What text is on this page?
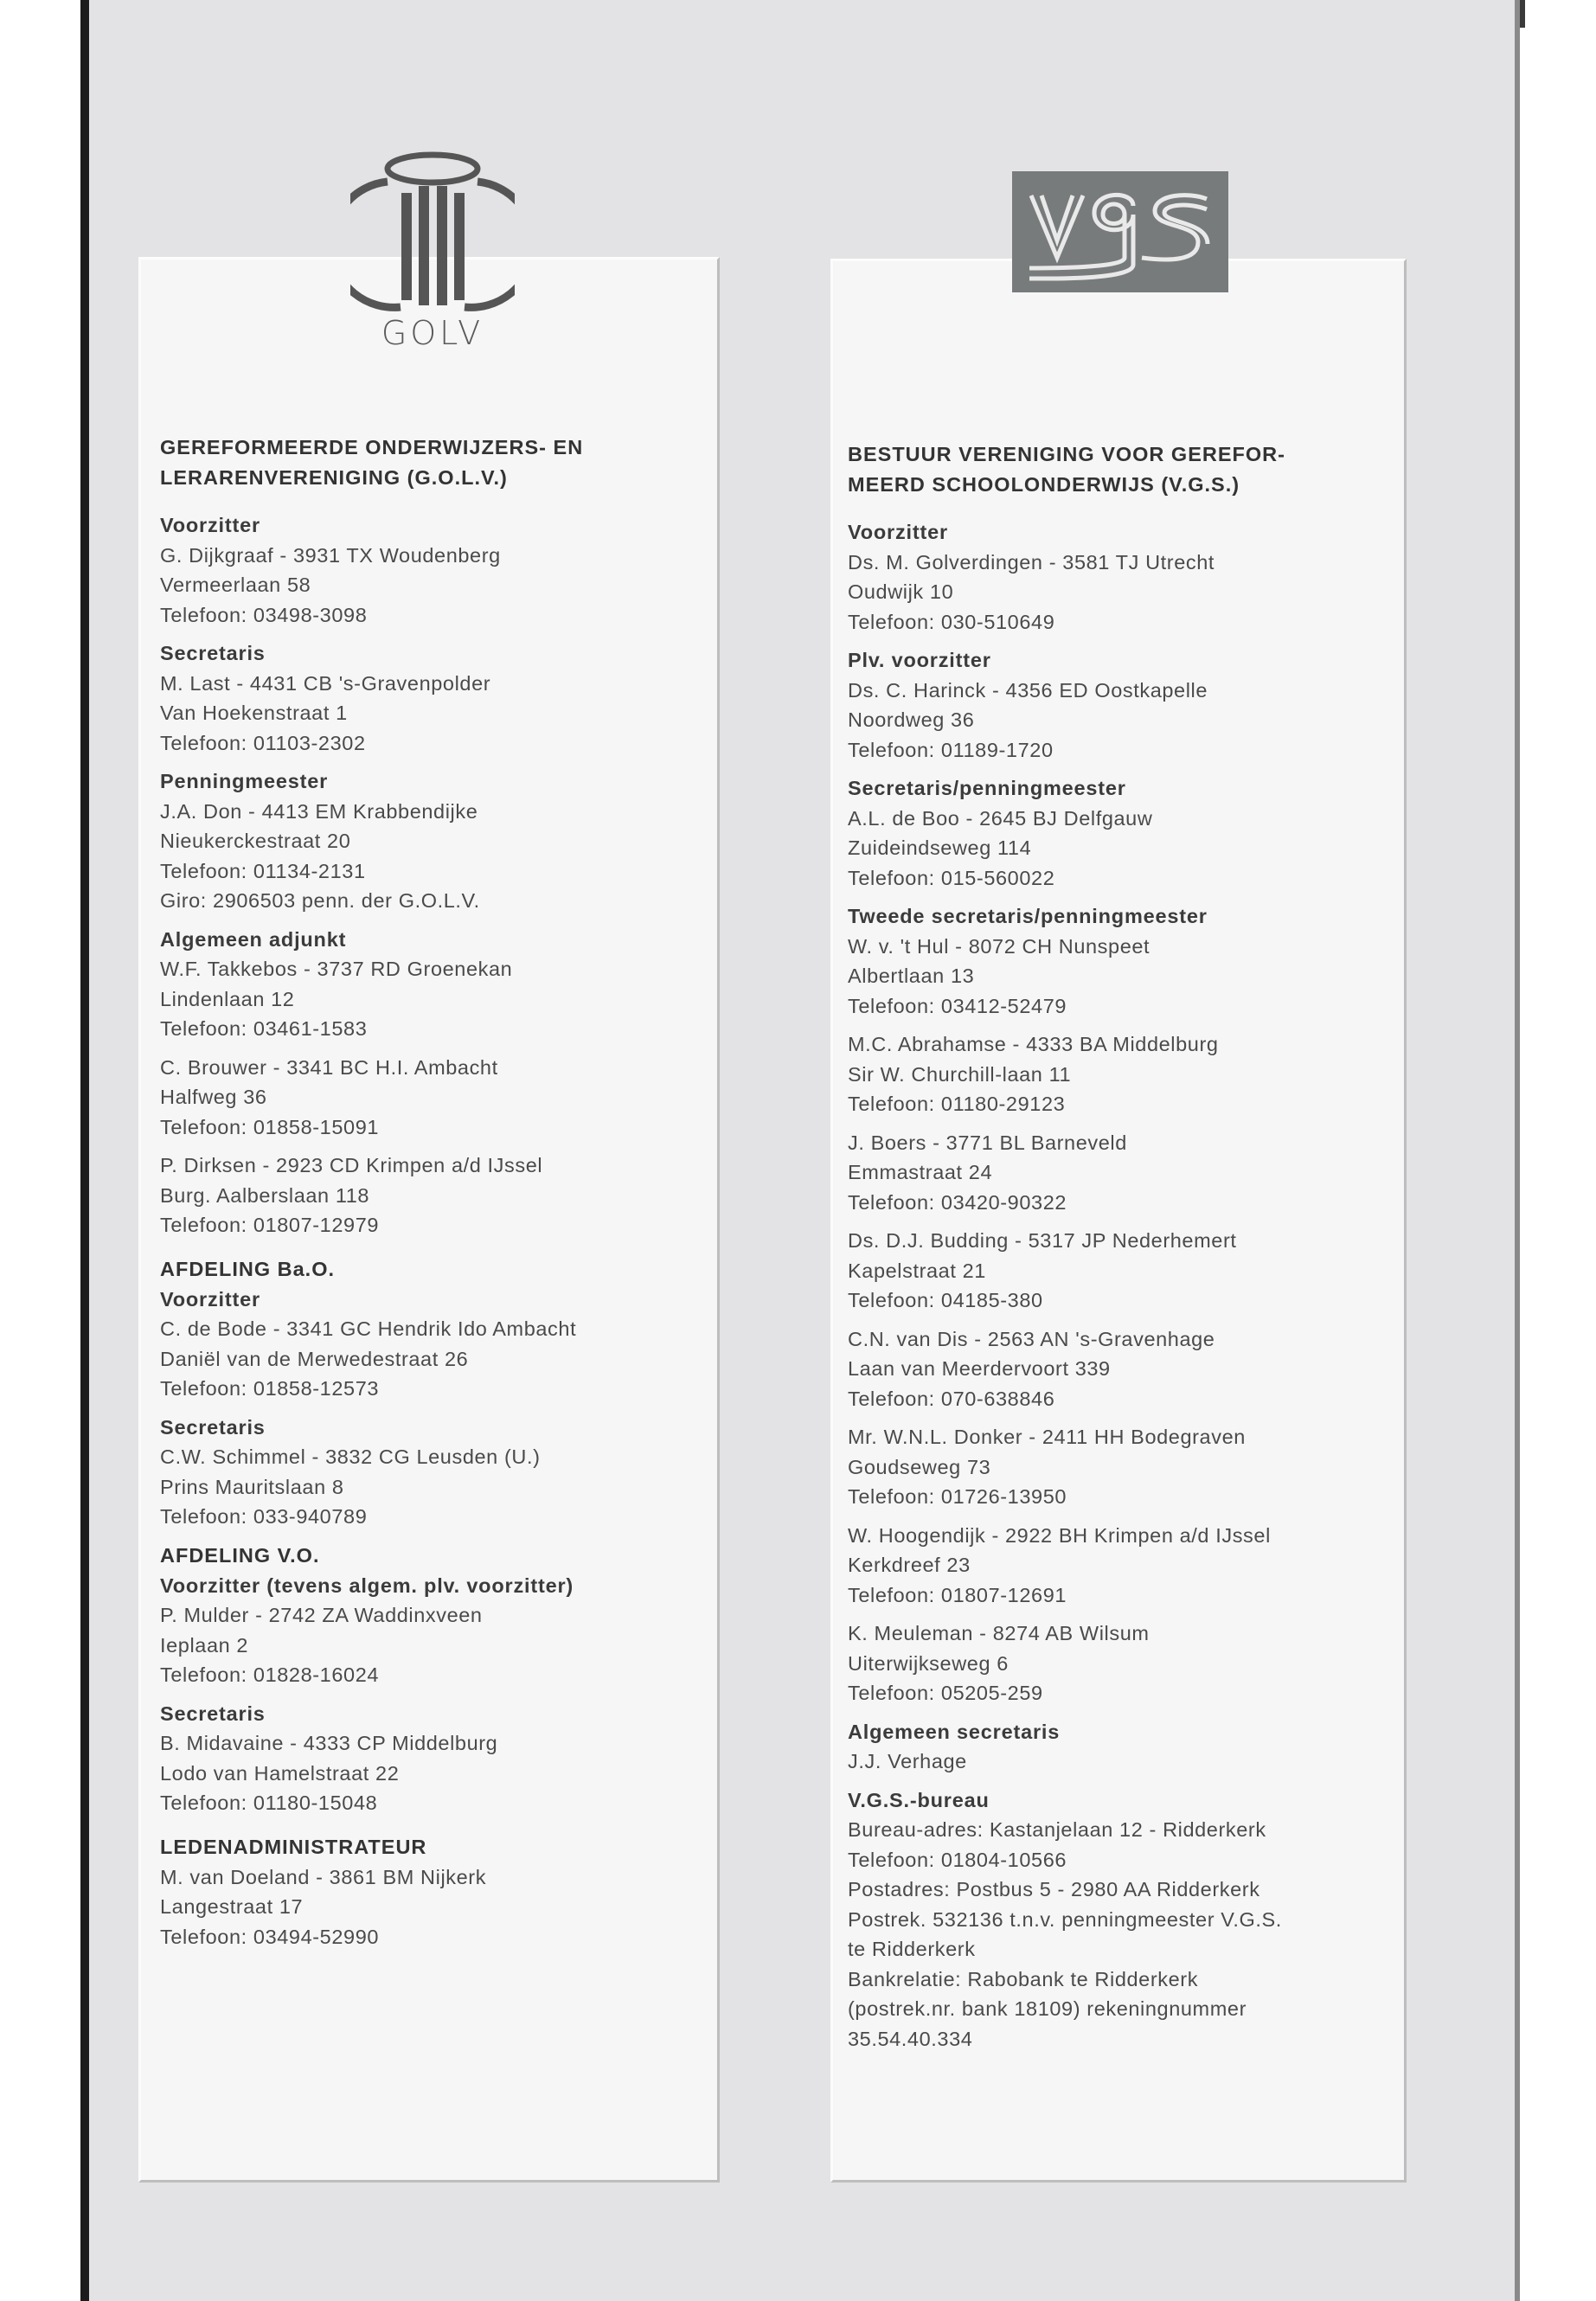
GOLV

GEREFORMEERDE ONDERWIJZERS- EN

LERARENVERENIGING (G.O.L.V.)

Voorzitter

G. Dijkgraaf - 3931 TX Woudenberg

Vermeerlaan 58

Telefoon: 03498-3098

Secretaris

M. Last - 4431 CB 's-Gravenpolder

Van Hoekenstraat 1

Telefoon: 01103-2302

Penningmeester

J.A. Don - 4413 EM Krabbendijke

Nieukerckestraat 20

Telefoon: 01134-2131

Giro: 2906503 penn. der G.O.L.V.

Algemeen adjunkt

W.F. Takkebos - 3737 RD Groenekan

Lindenlaan 12

Telefoon: 03461-1583

C. Brouwer - 3341 BC H.I. Ambacht

Halfweg 36

Telefoon: 01858-15091

P. Dirksen - 2923 CD Krimpen a/d IJssel

Burg. Aalberslaan 118

Telefoon: 01807-12979

AFDELING Ba.O.

Voorzitter

C. de Bode - 3341 GC Hendrik Ido Ambacht

Daniël van de Merwedestraat 26

Telefoon: 01858-12573

Secretaris

C.W. Schimmel - 3832 CG Leusden (U.)

Prins Mauritslaan 8

Telefoon: 033-940789

AFDELING V.O.

Voorzitter (tevens algem. plv. voorzitter)

P. Mulder - 2742 ZA Waddinxveen

Ieplaan 2

Telefoon: 01828-16024

Secretaris

B. Midavaine - 4333 CP Middelburg

Lodo van Hamelstraat 22

Telefoon: 01180-15048

LEDENADMINISTRATEUR

M. van Doeland - 3861 BM Nijkerk

Langestraat 17

Telefoon: 03494-52990

BESTUUR VERENIGING VOOR GEREFOR-

MEERD SCHOOLONDERWIJS (V.G.S.)

Voorzitter

Ds. M. Golverdingen - 3581 TJ Utrecht

Oudwijk 10

Telefoon: 030-510649

Plv. voorzitter

Ds. C. Harinck - 4356 ED Oostkapelle

Noordweg 36

Telefoon: 01189-1720

Secretaris/penningmeester

A.L. de Boo - 2645 BJ Delfgauw

Zuideindseweg 114

Telefoon: 015-560022

Tweede secretaris/penningmeester

W. v. 't Hul - 8072 CH Nunspeet

Albertlaan 13

Telefoon: 03412-52479

M.C. Abrahamse - 4333 BA Middelburg

Sir W. Churchill-laan 11

Telefoon: 01180-29123

J. Boers - 3771 BL Barneveld

Emmastraat 24

Telefoon: 03420-90322

Ds. D.J. Budding - 5317 JP Nederhemert

Kapelstraat 21

Telefoon: 04185-380

C.N. van Dis - 2563 AN 's-Gravenhage

Laan van Meerdervoort 339

Telefoon: 070-638846

Mr. W.N.L. Donker - 2411 HH Bodegraven

Goudseweg 73

Telefoon: 01726-13950

W. Hoogendijk - 2922 BH Krimpen a/d IJssel

Kerkdreef 23

Telefoon: 01807-12691

K. Meuleman - 8274 AB Wilsum

Uiterwijkseweg 6

Telefoon: 05205-259

Algemeen secretaris

J.J. Verhage

V.G.S.-bureau

Bureau-adres: Kastanjelaan 12 - Ridderkerk

Telefoon: 01804-10566

Postadres: Postbus 5 - 2980 AA Ridderkerk

Postrek. 532136 t.n.v. penningmeester V.G.S.

te Ridderkerk

Bankrelatie: Rabobank te Ridderkerk

(postrek.nr. bank 18109) rekeningnummer

35.54.40.334
